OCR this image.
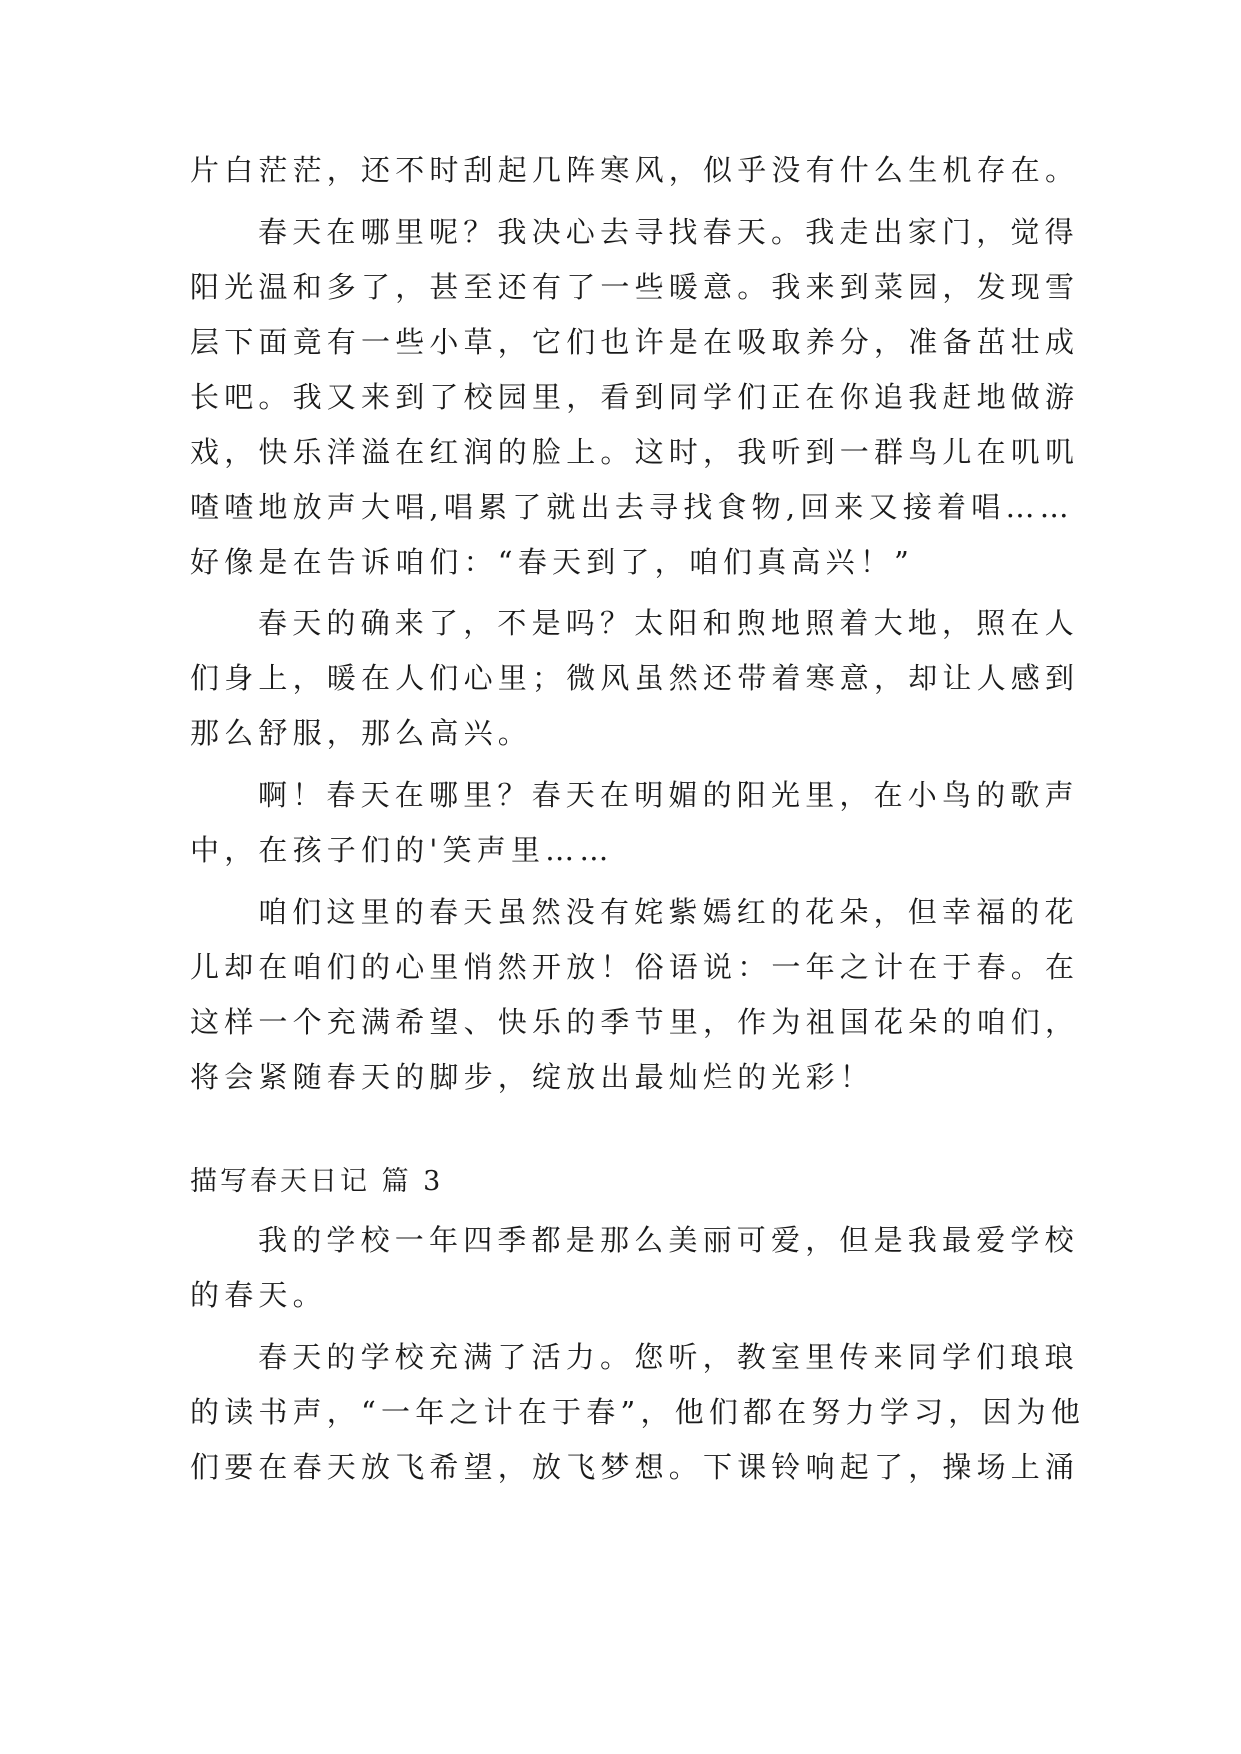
片白茫茫，还不时刮起几阵寒风，似乎没有什么生机存在。
春天在哪里呢？我决心去寻找春天。我走出家门，觉得
阳光温和多了，甚至还有了一些暖意。我来到菜园，发现雪
层下面竟有一些小草，它们也许是在吸取养分，准备茁壮成
长吧。我又来到了校园里，看到同学们正在你追我赶地做游
戏，快乐洋溢在红润的脸上。这时，我听到一群鸟儿在叽叽
喳喳地放声大唱,唱累了就出去寻找食物,回来又接着唱……
好像是在告诉咱们：“春天到了，咱们真高兴！”
春天的确来了，不是吗？太阳和煦地照着大地，照在人
们身上，暖在人们心里；微风虽然还带着寒意，却让人感到
那么舒服，那么高兴。
啊！春天在哪里？春天在明媚的阳光里，在小鸟的歌声
中，在孩子们的'笑声里……
咱们这里的春天虽然没有姹紫嫣红的花朵，但幸福的花
儿却在咱们的心里悄然开放！俗语说：一年之计在于春。在
这样一个充满希望、快乐的季节里，作为祖国花朵的咱们，
将会紧随春天的脚步，绽放出最灿烂的光彩！
描写春天日记 篇 3
我的学校一年四季都是那么美丽可爱，但是我最爱学校
的春天。
春天的学校充满了活力。您听，教室里传来同学们琅琅
的读书声，“一年之计在于春”，他们都在努力学习，因为他
们要在春天放飞希望，放飞梦想。下课铃响起了，操场上涌
